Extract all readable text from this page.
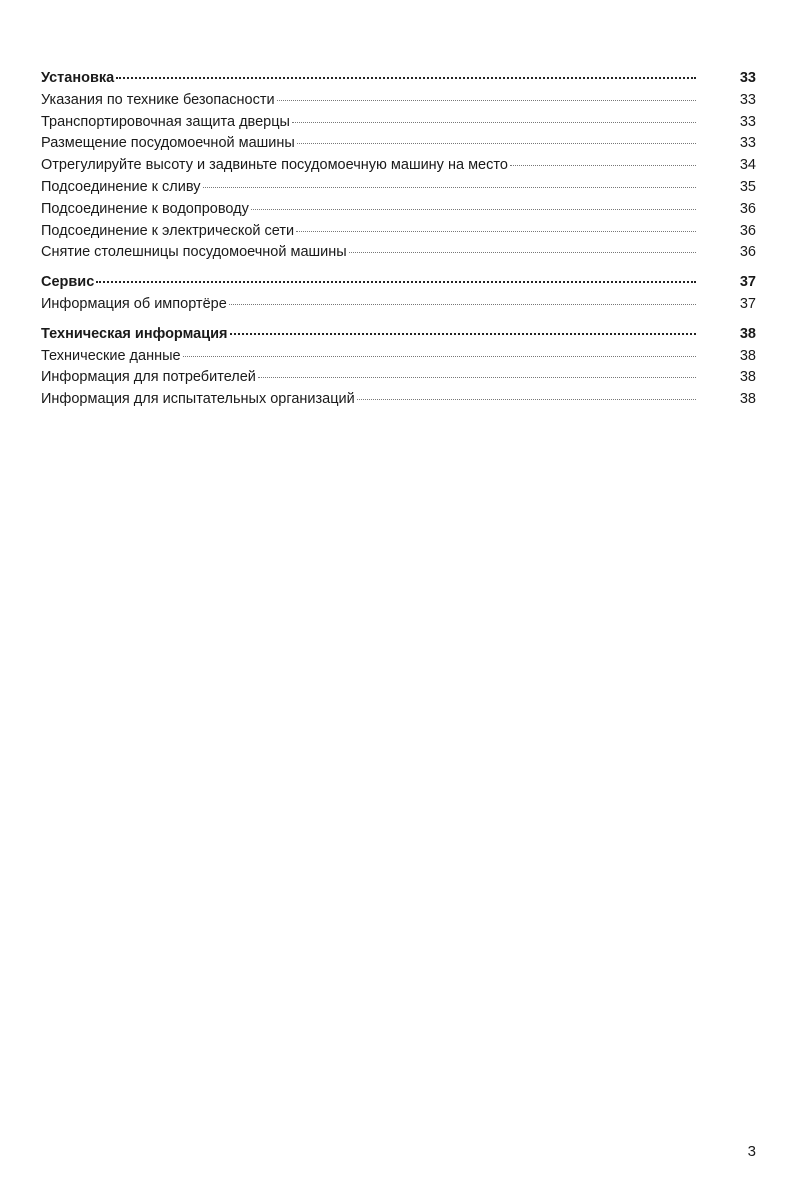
Установка	33
Указания по технике безопасности	33
Транспортировочная защита дверцы	33
Размещение посудомоечной машины	33
Отрегулируйте высоту и задвиньте посудомоечную машину на место	34
Подсоединение к сливу	35
Подсоединение к водопроводу	36
Подсоединение к электрической сети	36
Снятие столешницы посудомоечной машины	36
Сервис	37
Информация об импортёре	37
Техническая информация	38
Технические данные	38
Информация для потребителей	38
Информация для испытательных организаций	38
3
